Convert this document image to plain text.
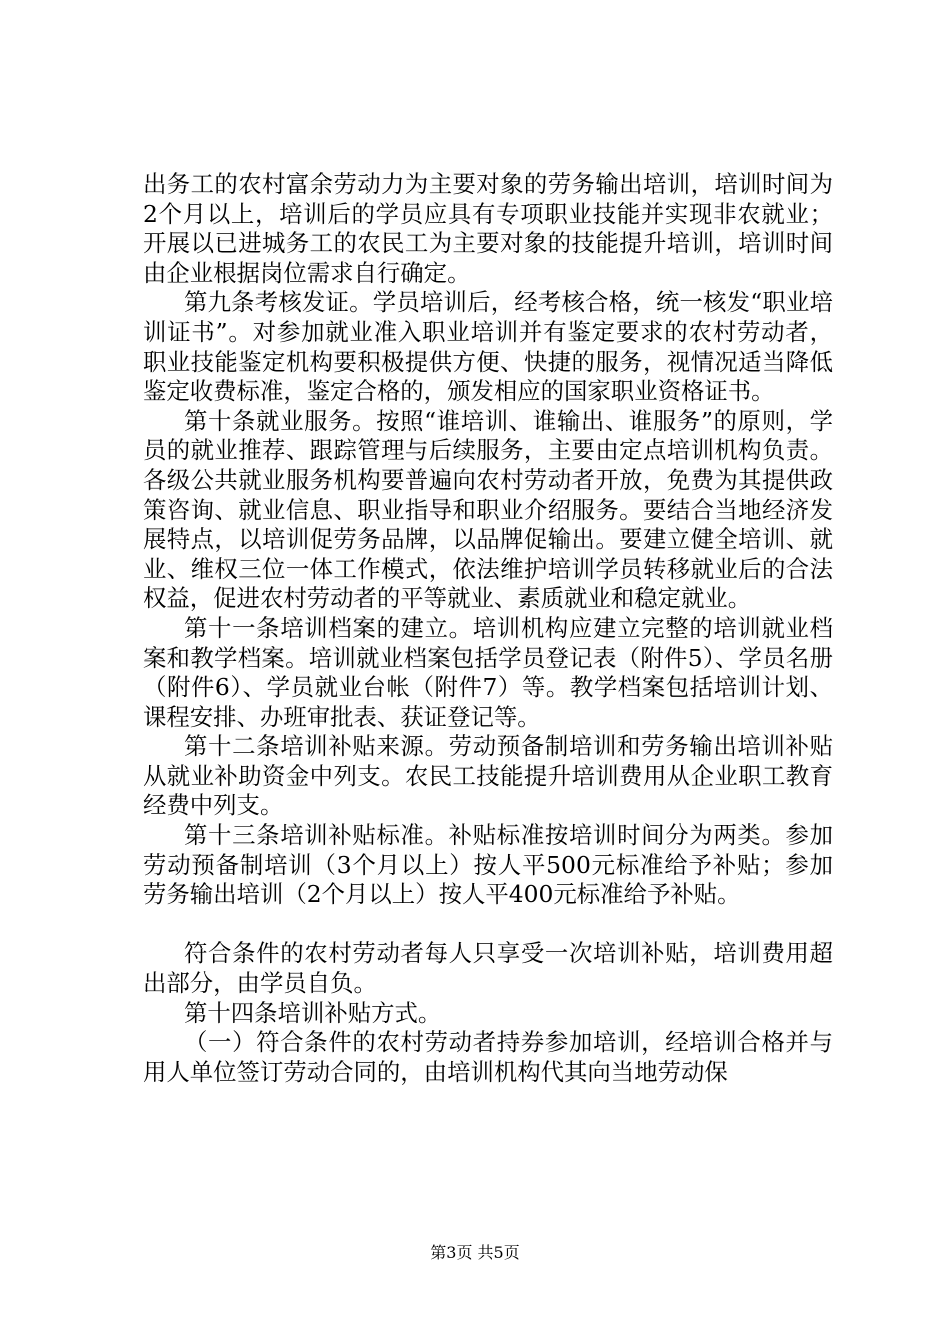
出务工的农村富余劳动力为主要对象的劳务输出培训，培训时间为2个月以上，培训后的学员应具有专项职业技能并实现非农就业；开展以已进城务工的农民工为主要对象的技能提升培训，培训时间由企业根据岗位需求自行确定。

第九条考核发证。学员培训后，经考核合格，统一核发“职业培训证书”。对参加就业准入职业培训并有鉴定要求的农村劳动者，职业技能鉴定机构要积极提供方便、快捷的服务，视情况适当降低鉴定收费标准，鉴定合格的，颁发相应的国家职业资格证书。

第十条就业服务。按照“谁培训、谁输出、谁服务”的原则，学员的就业推荐、跟踪管理与后续服务，主要由定点培训机构负责。各级公共就业服务机构要普遍向农村劳动者开放，免费为其提供政策咨询、就业信息、职业指导和职业介绍服务。要结合当地经济发展特点，以培训促劳务品牌，以品牌促输出。要建立健全培训、就业、维权三位一体工作模式，依法维护培训学员转移就业后的合法权益，促进农村劳动者的平等就业、素质就业和稳定就业。

第十一条培训档案的建立。培训机构应建立完整的培训就业档案和教学档案。培训就业档案包括学员登记表（附件5）、学员名册（附件6）、学员就业台帐（附件7）等。教学档案包括培训计划、课程安排、办班审批表、获证登记等。

第十二条培训补贴来源。劳动预备制培训和劳务输出培训补贴从就业补助资金中列支。农民工技能提升培训费用从企业职工教育经费中列支。

第十三条培训补贴标准。补贴标准按培训时间分为两类。参加劳动预备制培训（3个月以上）按人平500元标准给予补贴；参加劳务输出培训（2个月以上）按人平400元标准给予补贴。

符合条件的农村劳动者每人只享受一次培训补贴，培训费用超出部分，由学员自负。

第十四条培训补贴方式。

（一）符合条件的农村劳动者持券参加培训，经培训合格并与用人单位签订劳动合同的，由培训机构代其向当地劳动保

第3页 共5页
